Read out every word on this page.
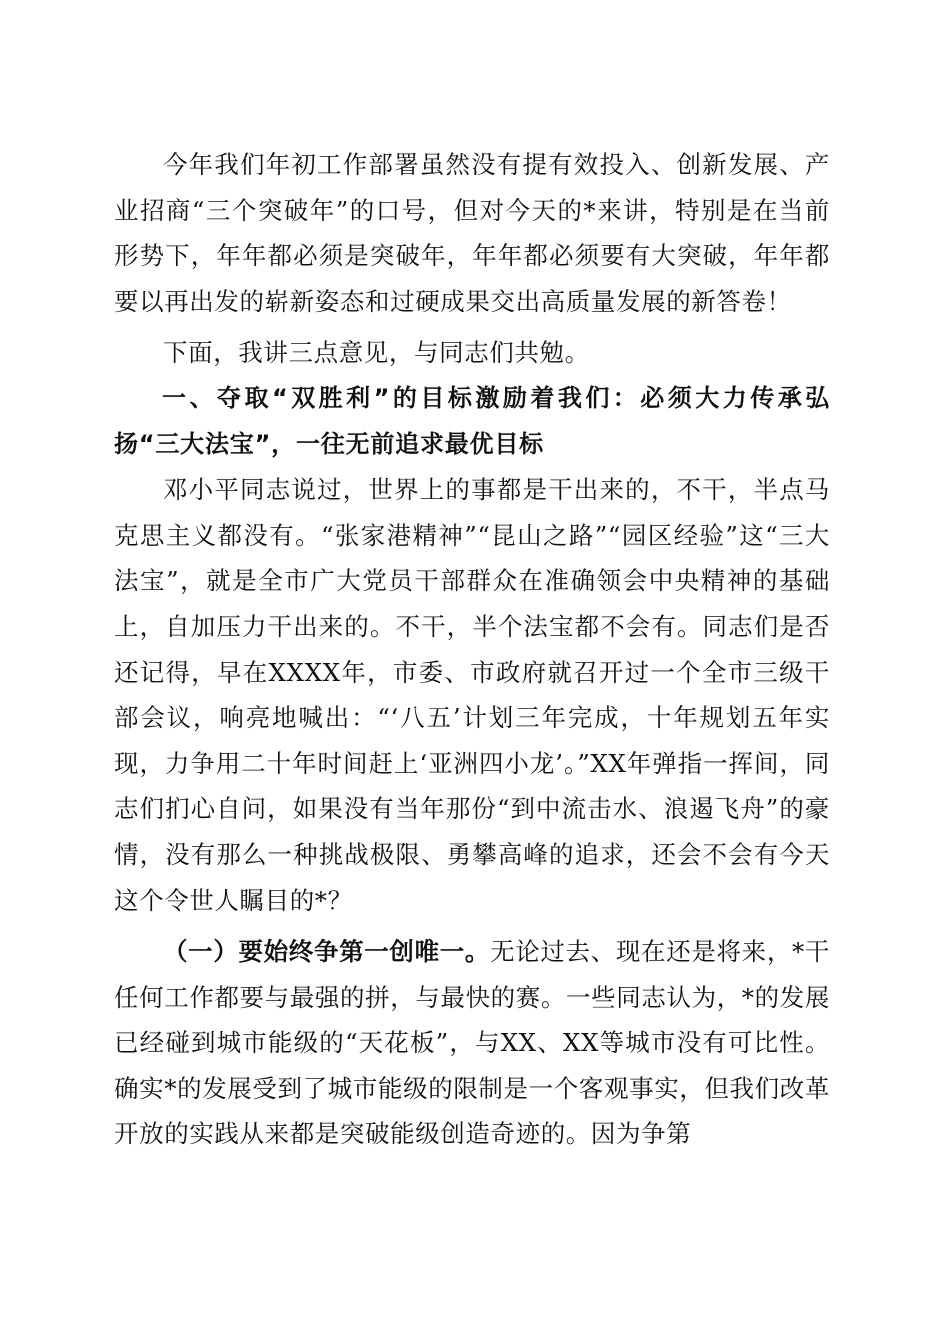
今年我们年初工作部署虽然没有提有效投入、创新发展、产业招商“三个突破年”的口号，但对今天的*来讲，特别是在当前形势下，年年都必须是突破年，年年都必须要有大突破，年年都要以再出发的崭新姿态和过硬成果交出高质量发展的新答卷！

下面，我讲三点意见，与同志们共勉。

一、夺取“双胜利”的目标激励着我们：必须大力传承弘扬“三大法宝”，一往无前追求最优目标

邓小平同志说过，世界上的事都是干出来的，不干，半点马克思主义都没有。“张家港精神”“昆山之路”“园区经验”这“三大法宝”，就是全市广大党员干部群众在准确领会中央精神的基础上，自加压力干出来的。不干，半个法宝都不会有。同志们是否还记得，早在XXXX年，市委、市政府就召开过一个全市三级干部会议，响亮地喊出：“‘八五’计划三年完成，十年规划五年实现，力争用二十年时间赶上‘亚洲四小龙’。”XX年弹指一挥间，同志们扪心自问，如果没有当年那份“到中流击水、浪遏飞舟”的豪情，没有那么一种挑战极限、勇攀高峰的追求，还会不会有今天这个令世人瞩目的*？

（一）要始终争第一创唯一。无论过去、现在还是将来，*干任何工作都要与最强的拼，与最快的赛。一些同志认为，*的发展已经碰到城市能级的“天花板”，与XX、XX等城市没有可比性。确实*的发展受到了城市能级的限制是一个客观事实，但我们改革开放的实践从来都是突破能级创造奇迹的。因为争第
